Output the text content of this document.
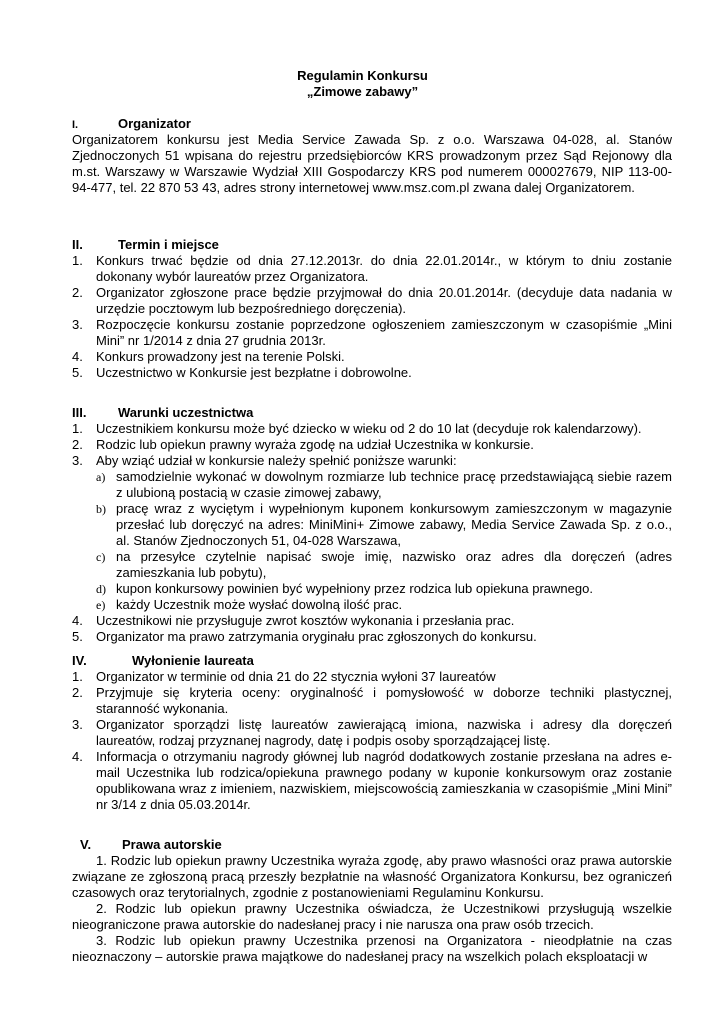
Regulamin Konkursu
„Zimowe zabawy”
I.	Organizator
Organizatorem konkursu jest Media Service Zawada Sp. z o.o. Warszawa 04-028, al. Stanów Zjednoczonych 51 wpisana do rejestru przedsiębiorców KRS prowadzonym przez Sąd Rejonowy dla m.st. Warszawy w Warszawie Wydział XIII Gospodarczy KRS pod numerem 000027679, NIP 113-00-94-477, tel. 22 870 53 43, adres strony internetowej www.msz.com.pl zwana dalej Organizatorem.
II.	Termin i miejsce
1. Konkurs trwać będzie od dnia 27.12.2013r. do dnia 22.01.2014r., w którym to dniu zostanie dokonany wybór laureatów przez Organizatora.
2. Organizator zgłoszone prace będzie przyjmował do dnia 20.01.2014r. (decyduje data nadania w urzędzie pocztowym lub bezpośredniego doręczenia).
3. Rozpoczęcie konkursu zostanie poprzedzone ogłoszeniem zamieszczonym w czasopiśmie „Mini Mini” nr 1/2014 z dnia 27 grudnia 2013r.
4. Konkurs prowadzony jest na terenie Polski.
5. Uczestnictwo w Konkursie jest bezpłatne i dobrowolne.
III. Warunki uczestnictwa
1. Uczestnikiem konkursu może być dziecko w wieku od 2 do 10 lat (decyduje rok kalendarzowy).
2. Rodzic lub opiekun prawny wyraża zgodę na udział Uczestnika w konkursie.
3. Aby wziąć udział w konkursie należy spełnić poniższe warunki:
a) samodzielnie wykonać w dowolnym rozmiarze lub technice pracę przedstawiającą siebie razem z ulubioną postacią w czasie zimowej zabawy,
b) pracę wraz z wyciętym i wypełnionym kuponem konkursowym zamieszczonym w magazynie przesłać lub doręczyć na adres: MiniMini+ Zimowe zabawy, Media Service Zawada Sp. z o.o., al. Stanów Zjednoczonych 51, 04-028 Warszawa,
c) na przesyłce czytelnie napisać swoje imię, nazwisko oraz adres dla doręczeń (adres zamieszkania lub pobytu),
d) kupon konkursowy powinien być wypełniony przez rodzica lub opiekuna prawnego.
e) każdy Uczestnik może wysłać dowolną ilość prac.
4. Uczestnikowi nie przysługuje zwrot kosztów wykonania i przesłania prac.
5. Organizator ma prawo zatrzymania oryginału prac zgłoszonych do konkursu.
IV.	Wyłonienie laureata
1. Organizator w terminie od dnia 21 do 22 stycznia wyłoni 37 laureatów
2. Przyjmuje się kryteria oceny: oryginalność i pomysłowość w doborze techniki plastycznej, staranność wykonania.
3. Organizator sporządzi listę laureatów zawierającą imiona, nazwiska i adresy dla doręczeń laureatów, rodzaj przyznanej nagrody, datę i podpis osoby sporządzającej listę.
4. Informacja o otrzymaniu nagrody głównej lub nagród dodatkowych zostanie przesłana na adres e-mail Uczestnika lub rodzica/opiekuna prawnego podany w kuponie konkursowym oraz zostanie opublikowana wraz z imieniem, nazwiskiem, miejscowością zamieszkania w czasopiśmie „Mini Mini” nr 3/14 z dnia 05.03.2014r.
V. Prawa autorskie
1. Rodzic lub opiekun prawny Uczestnika wyraża zgodę, aby prawo własności oraz prawa autorskie związane ze zgłoszoną pracą przeszły bezpłatnie na własność Organizatora Konkursu, bez ograniczeń czasowych oraz terytorialnych, zgodnie z postanowieniami Regulaminu Konkursu.
2. Rodzic lub opiekun prawny Uczestnika oświadcza, że Uczestnikowi przysługują wszelkie nieograniczone prawa autorskie do nadesłanej pracy i nie narusza ona praw osób trzecich.
3. Rodzic lub opiekun prawny Uczestnika przenosi na Organizatora - nieodpłatnie na czas nieoznaczony – autorskie prawa majątkowe do nadesłanej pracy na wszelkich polach eksploatacji w
